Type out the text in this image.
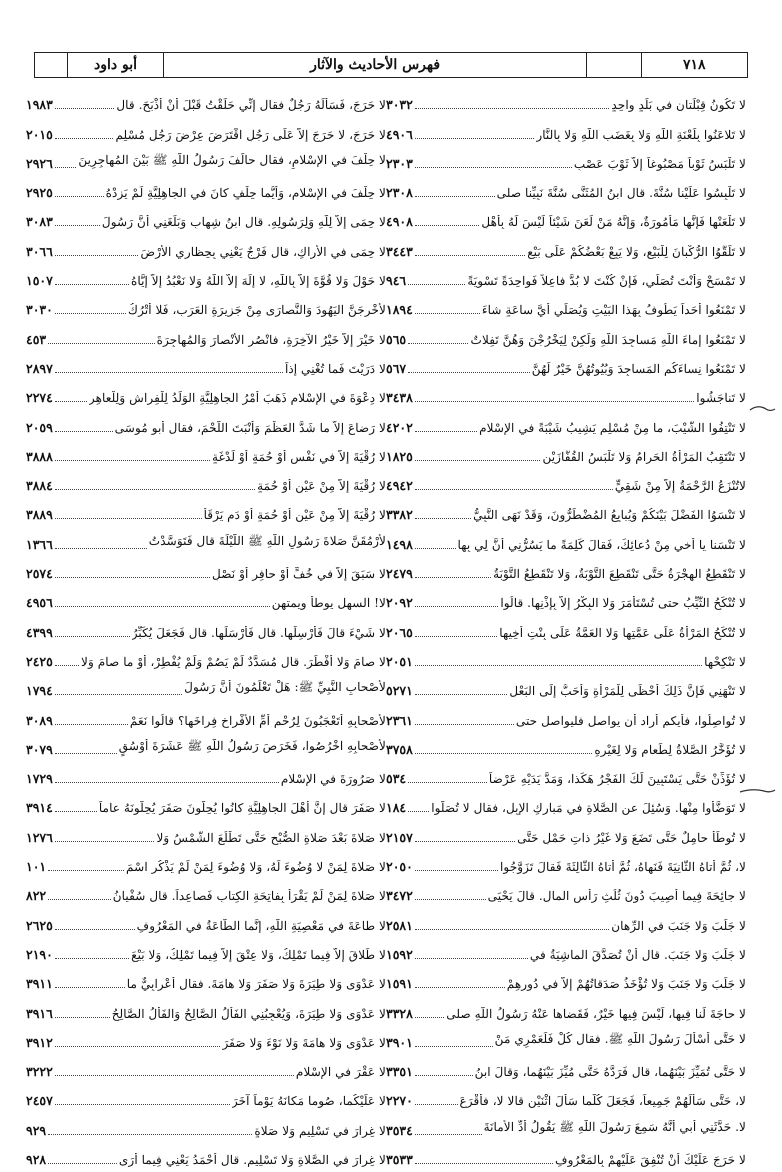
أبو داود	فهرس الأحاديث والآثار	٧١٨
لا تَكُونُ قِبْلَتانِ في بَلَدٍ واحِدٍ
٣٠٣٢
لا تَلاعَنُوا بِلَعْنَةِ اللَّهِ وَلا بِغَضَبِ اللَّهِ وَلا بِالنَّارِ
٤٩٠٦
لا تَلْبَسُ ثَوْباً مَصْبُوغاً إلاَّ ثَوْبَ عَصْبٍ
٢٣٠٣
لا تَلْبِسُوا عَلَيْنا سُنَّةَ. قال ابنُ المُثَنَّى سُنَّةَ نَبِيِّنا صلى
٢٣٠٨
لا تَلْعَنْها فَإِنَّها مَأْمُورَةٌ، وَإِنَّهُ مَنْ لَعَنَ شَيْئاً لَيْسَ لَهُ بِأَهْلٍ
٤٩٠٨
لا تَلَقَّوُا الرُّكْبانَ لِلْبَيْعِ، وَلا يَبِعْ بَعْضُكُمْ عَلَى بَيْعِ
٣٤٤٣
لا تَمْسَحْ وَأَنْتَ تُصَلِّي، فَإِنْ كُنْتَ لا بُدَّ فاعِلاً فَواحِدَةً تَسْوِيَةً
٩٤٦
لا تَمْنَعُوا أَحَداً يَطُوفُ بِهَذا البَيْتِ وَيُصَلِّي أيَّ ساعَةٍ شاءَ
١٨٩٤
لا تَمْنَعُوا إماءَ اللَّهِ مَساجِدَ اللَّهِ وَلَكِنْ لِيَخْرُجْنَ وَهُنَّ تَفِلاتٌ
٥٦٥
لا تَمْنَعُوا نِساءَكُم المَساجِدَ وَبُيُوتُهُنَّ خَيْرٌ لَهُنَّ
٥٦٧
لا تَناجَشُوا
٣٤٣٨
لا تَنْتِفُوا الشَّيْبَ، ما مِنْ مُسْلِمٍ يَشِيبُ شَيْبَةً في الإسْلامِ
٤٢٠٢
لا تَنْتَقِبُ المَرْأَةُ الحَرامُ وَلا تَلْبَسُ القُفَّازَيْنِ
١٨٢٥
لاتُنْزَعُ الرَّحْمَةُ إلاَّ مِنْ شَقِيٍّ
٤٩٤٢
لا تَنْسَوُا الفَضْلَ بَيْنَكُمْ وَيُبايِعُ المُضْطَرُّونَ، وَقَدْ نَهَى النَّبِيُّ
٣٣٨٢
لا تَنْسَنا يا أخي مِنْ دُعائِكَ، فَقالَ كَلِمَةً ما يَسُرُّنِي أنَّ لِي بِها
١٤٩٨
لا تَنْقَطِعُ الهِجْرَةُ حَتَّى تَنْقَطِعَ التَّوْبَةُ، وَلا تَنْقَطِعُ التَّوْبَةُ
٢٤٧٩
لا تُنْكَحُ الثَّيِّبُ حتى تُسْتَأْمَرَ وَلا البِكْرُ إلاَّ بِإِذْنِها. قالُوا
٢٠٩٢
لا تُنْكَحُ المَرْأَةُ عَلَى عَمَّتِها وَلا العَمَّةُ عَلَى بِنْتِ أَخِيها
٢٠٦٥
لا تَنْكِحْها
٢٠٥١
لا تَنْهَنِي فَإِنَّ ذَلِكَ أحْظَى لِلْمَرْأَةِ وَأَحَبُّ إلَى البَعْلِ
٥٢٧١
لا تُواصِلُوا، فأيكم أراد أن يواصل فليواصل حتى
٢٣٦١
لا تُؤَخَّرُ الصَّلاةُ لِطَعامٍ وَلا لِغَيْرِهِ
٣٧٥٨
لا تُؤَذِّنْ حَتَّى يَسْتَبِينَ لَكَ الفَجْرُ هَكَذا، وَمَدَّ يَدَيْهِ عَرْضاً
٥٣٤
لا تَوَضَّأُوا مِنْها. وَسُئِلَ عن الصَّلاةِ في مَبارِكِ الإبِلِ، فقال لا تُصَلُّوا
١٨٤
لا تُوطَأُ حامِلٌ حَتَّى تَضَعَ وَلا غَيْرُ ذاتِ حَمْلٍ حَتَّى
٢١٥٧
لا، ثُمَّ أتاهُ الثَّانِيَةَ فَنَهاهُ، ثُمَّ أتاهُ الثَّالِثَةَ فَقالَ تَزَوَّجُوا
٢٠٥٠
لا جائِحَةَ فِيما أُصِيبَ دُونَ ثُلُثِ رَأْسِ المالِ. قالَ يَحْيَى
٣٤٧٢
لا جَلَبَ وَلا جَنَبَ في الرِّهانِ
٢٥٨١
لا جَلَبَ وَلا جَنَبَ. قال أنْ تُصَدَّقَ الماشِيَةُ في
١٥٩٢
لا جَلَبَ وَلا جَنَبَ وَلا تُؤْخَذُ صَدَقاتُهُمْ إلاَّ في دُورِهِمْ
١٥٩١
لا حاجَةَ لَنا فِيها، لَيْسَ فِيها خَيْرٌ، فَقَضاها عَنْهُ رَسُولُ اللَّهِ صلى
٣٣٢٨
لا حَتَّى أَسْأَلَ رَسُولَ اللَّهِ ﷺ. فقال كُلْ فَلَعَمْرِي مَنْ
٣٩٠١
لا حَتَّى تُمَيِّزَ بَيْنَهُما، قال فَرَدَّهُ حَتَّى مُيِّزَ بَيْنَهُما، وَقالَ ابنُ
٣٣٥١
لا، حَتَّى سَأَلَهُمْ جَمِيعاً، فَجَعَلَ كُلَّما سَأَلَ اثْنَيْنِ قالا لا، فأقْرَعَ
٢٢٧٠
لا. حَدَّثَنِي أبي أنَّهُ سَمِعَ رَسُولَ اللَّهِ ﷺ يَقُولُ أدِّ الأمانَةَ
٣٥٣٤
لا حَرَجَ عَلَيْكَ أنْ تُنْفِقَ عَلَيْهِمْ بِالمَعْرُوفِ
٣٥٣٣
لا حَرَجَ، فَسَأَلَهُ رَجُلٌ فقال إنِّي حَلَقْتُ قَبْلَ أنْ أَذْبَحَ. قال
١٩٨٣
لا حَرَجَ، لا حَرَجَ إلاَّ عَلَى رَجُلٍ اقْتَرَضَ عِرْضَ رَجُلٍ مُسْلِمٍ
٢٠١٥
لا حِلْفَ في الإسْلامِ، فقال حالَفَ رَسُولُ اللَّهِ ﷺ بَيْنَ المُهاجِرِينَ
٢٩٢٦
لا حِلْفَ في الإسْلامِ، وَأَيُّما حِلْفٍ كانَ في الجاهِلِيَّةِ لَمْ يَزِدْهُ
٢٩٢٥
لا حِمَى إلاَّ لِلَّهِ وَلِرَسُولِهِ. قال ابنُ شِهابٍ وَبَلَغَنِي أنَّ رَسُولَ
٣٠٨٣
لا حِمَى في الأراكِ، قال فَرْجٌ يَعْنِي بِحِظارِي الأرْضَ
٣٠٦٦
لا حَوْلَ وَلا قُوَّةَ إلاَّ بِاللَّهِ، لا إلَهَ إلاَّ اللَّهُ وَلا نَعْبُدُ إلاَّ إيَّاهُ
١٥٠٧
لأُخْرِجَنَّ اليَهُودَ وَالنَّصارَى مِنْ جَزِيرَةِ العَرَبِ، فَلا أتْرُكُ
٣٠٣٠
لا خَيْرَ إلاَّ خَيْرُ الآخِرَةِ، فانْصُرِ الأنْصارَ وَالمُهاجِرَةَ
٤٥٣
لا دَرَيْتَ فَما تُغْنِي إذاً
٢٨٩٧
لا دِعْوَةَ في الإسْلامِ ذَهَبَ أمْرُ الجاهِلِيَّةِ الوَلَدُ لِلْفِراشِ وَلِلْعاهِرِ
٢٢٧٤
لا رَضاعَ إلاَّ ما شَدَّ العَظْمَ وَأَنْبَتَ اللَّحْمَ، فقال أبو مُوسَى
٢٠٥٩
لا رُقْيَةَ إلاَّ في نَفْسٍ أوْ حُمَةٍ أوْ لَدْغَةٍ
٣٨٨٨
لا رُقْيَةَ إلاَّ مِنْ عَيْنٍ أوْ حُمَةٍ
٣٨٨٤
لا رُقْيَةَ إلاَّ مِنْ عَيْنٍ أوْ حُمَةٍ أوْ دَمٍ يَرْقَأُ
٣٨٨٩
لأَرْمُقَنَّ صَلاةَ رَسُولِ اللَّهِ ﷺ اللَّيْلَةَ قال فَتَوَسَّدْتُ
١٣٦٦
لا سَبَقَ إلاَّ في خُفٍّ أوْ حافِرٍ أوْ نَصْلٍ
٢٥٧٤
لا! السهل يوطأ ويمتهن
٤٩٥٦
لا شَيْءَ قالَ فَأَرْسِلْها. قال فَأَرْسَلَها. قال فَجَعَلَ يُكَبِّرُ
٤٣٩٩
لا صامَ وَلا أفْطَرَ. قال مُسَدَّدٌ لَمْ يَصُمْ وَلَمْ يُفْطِرْ، أوْ ما صامَ وَلا
٢٤٢٥
لأَصْحابِ النَّبِيِّ ﷺ: هَلْ تَعْلَمُونَ أنَّ رَسُولَ
١٧٩٤
لأَصْحابِهِ أتَعْجَبُونَ لِرُحْمِ أمِّ الأفْراخِ فِراخَها؟ قالُوا نَعَمْ
٣٠٨٩
لأَصْحابِهِ اخْرُصُوا، فَخَرَصَ رَسُولُ اللَّهِ ﷺ عَشَرَةَ أوْسُقٍ
٣٠٧٩
لا صَرُورَةَ في الإسْلامِ
١٧٢٩
لا صَفَرَ قال إنَّ أهْلَ الجاهِلِيَّةِ كانُوا يُحِلُّونَ صَفَرَ يُحِلُّونَهُ عاماً
٣٩١٤
لا صَلاةَ بَعْدَ صَلاةِ الصُّبْحِ حَتَّى تَطْلُعَ الشَّمْسُ وَلا
١٢٧٦
لا صَلاةَ لِمَنْ لا وُضُوءَ لَهُ، وَلا وُضُوءَ لِمَنْ لَمْ يَذْكُرِ اسْمَ
١٠١
لا صَلاةَ لِمَنْ لَمْ يَقْرَأْ بِفاتِحَةِ الكِتابِ فَصاعِداً. قال سُفْيانُ
٨٢٢
لا طاعَةَ في مَعْصِيَةِ اللَّهِ، إنَّما الطَّاعَةُ في المَعْرُوفِ
٢٦٢٥
لا طَلاقَ إلاَّ فِيما تَمْلِكُ، وَلا عِتْقَ إلاَّ فِيما تَمْلِكُ، وَلا بَيْعَ
٢١٩٠
لا عَدْوَى وَلا طِيَرَةَ وَلا صَفَرَ وَلا هامَةَ. فقال أعْرابِيٌّ ما
٣٩١١
لا عَدْوَى وَلا طِيَرَةَ، وَيُعْجِبُنِي الفَأْلُ الصَّالِحُ وَالفَأْلُ الصَّالِحُ
٣٩١٦
لا عَدْوَى وَلا هامَةَ وَلا نَوْءَ وَلا صَفَرَ
٣٩١٢
لا عَقْرَ في الإسْلامِ
٣٢٢٢
لا عَلَيْكُما، صُوما مَكانَهُ يَوْماً آخَرَ
٢٤٥٧
لا غِرارَ في تَسْلِيمٍ وَلا صَلاةٍ
٩٢٩
لا غِرارَ في الصَّلاةِ وَلا تَسْلِيمٍ. قال أحْمَدُ يَعْنِي فِيما أرَى
٩٢٨
